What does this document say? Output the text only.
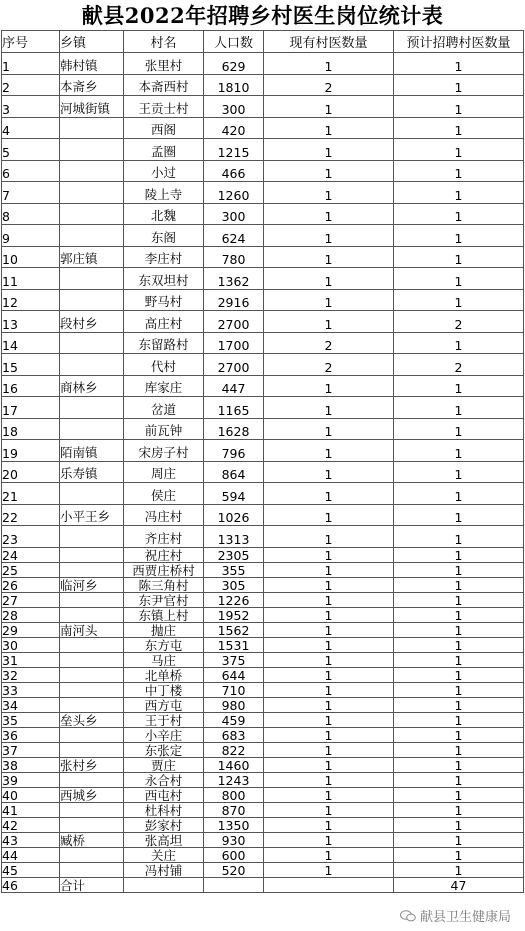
献县2022年招聘乡村医生岗位统计表
序号	乡镇	村名	人口数	现有村医数量	预计招聘村医数量
1	韩村镇	张里村	629	1	1
2	本斋乡	本斋西村	1810	2	1
3	河城街镇	王贡士村	300	1	1
4		西阁	420	1	1
5		孟圈	1215	1	1
6		小过	466	1	1
7		陵上寺	1260	1	1
8		北魏	300	1	1
9		东阁	624	1	1
10	郭庄镇	李庄村	780	1	1
11		东双坦村	1362	1	1
12		野马村	2916	1	1
13	段村乡	高庄村	2700	1	2
14		东留路村	1700	2	1
15		代村	2700	2	2
16	商林乡	库家庄	447	1	1
17		岔道	1165	1	1
18		前瓦钟	1628	1	1
19	陌南镇	宋房子村	796	1	1
20	乐寿镇	周庄	864	1	1
21		侯庄	594	1	1
22	小平王乡	冯庄村	1026	1	1
23		齐庄村	1313	1	1
24		祝庄村	2305	1	1
25		西贾庄桥村	355	1	1
26	临河乡	陈三角村	305	1	1
27		东尹官村	1226	1	1
28		东镇上村	1952	1	1
29	南河头	抛庄	1562	1	1
30		东方屯	1531	1	1
31		马庄	375	1	1
32		北单桥	644	1	1
33		中丁楼	710	1	1
34		西方屯	980	1	1
35	垒头乡	王于村	459	1	1
36		小辛庄	683	1	1
37		东张定	822	1	1
38	张村乡	贾庄	1460	1	1
39		永合村	1243	1	1
40	西城乡	西屯村	800	1	1
41		杜科村	870	1	1
42		彭家村	1350	1	1
43	臧桥	张高坦	930	1	1
44		关庄	600	1	1
45		冯村铺	520	1	1
46	合计				47
献县卫生健康局
